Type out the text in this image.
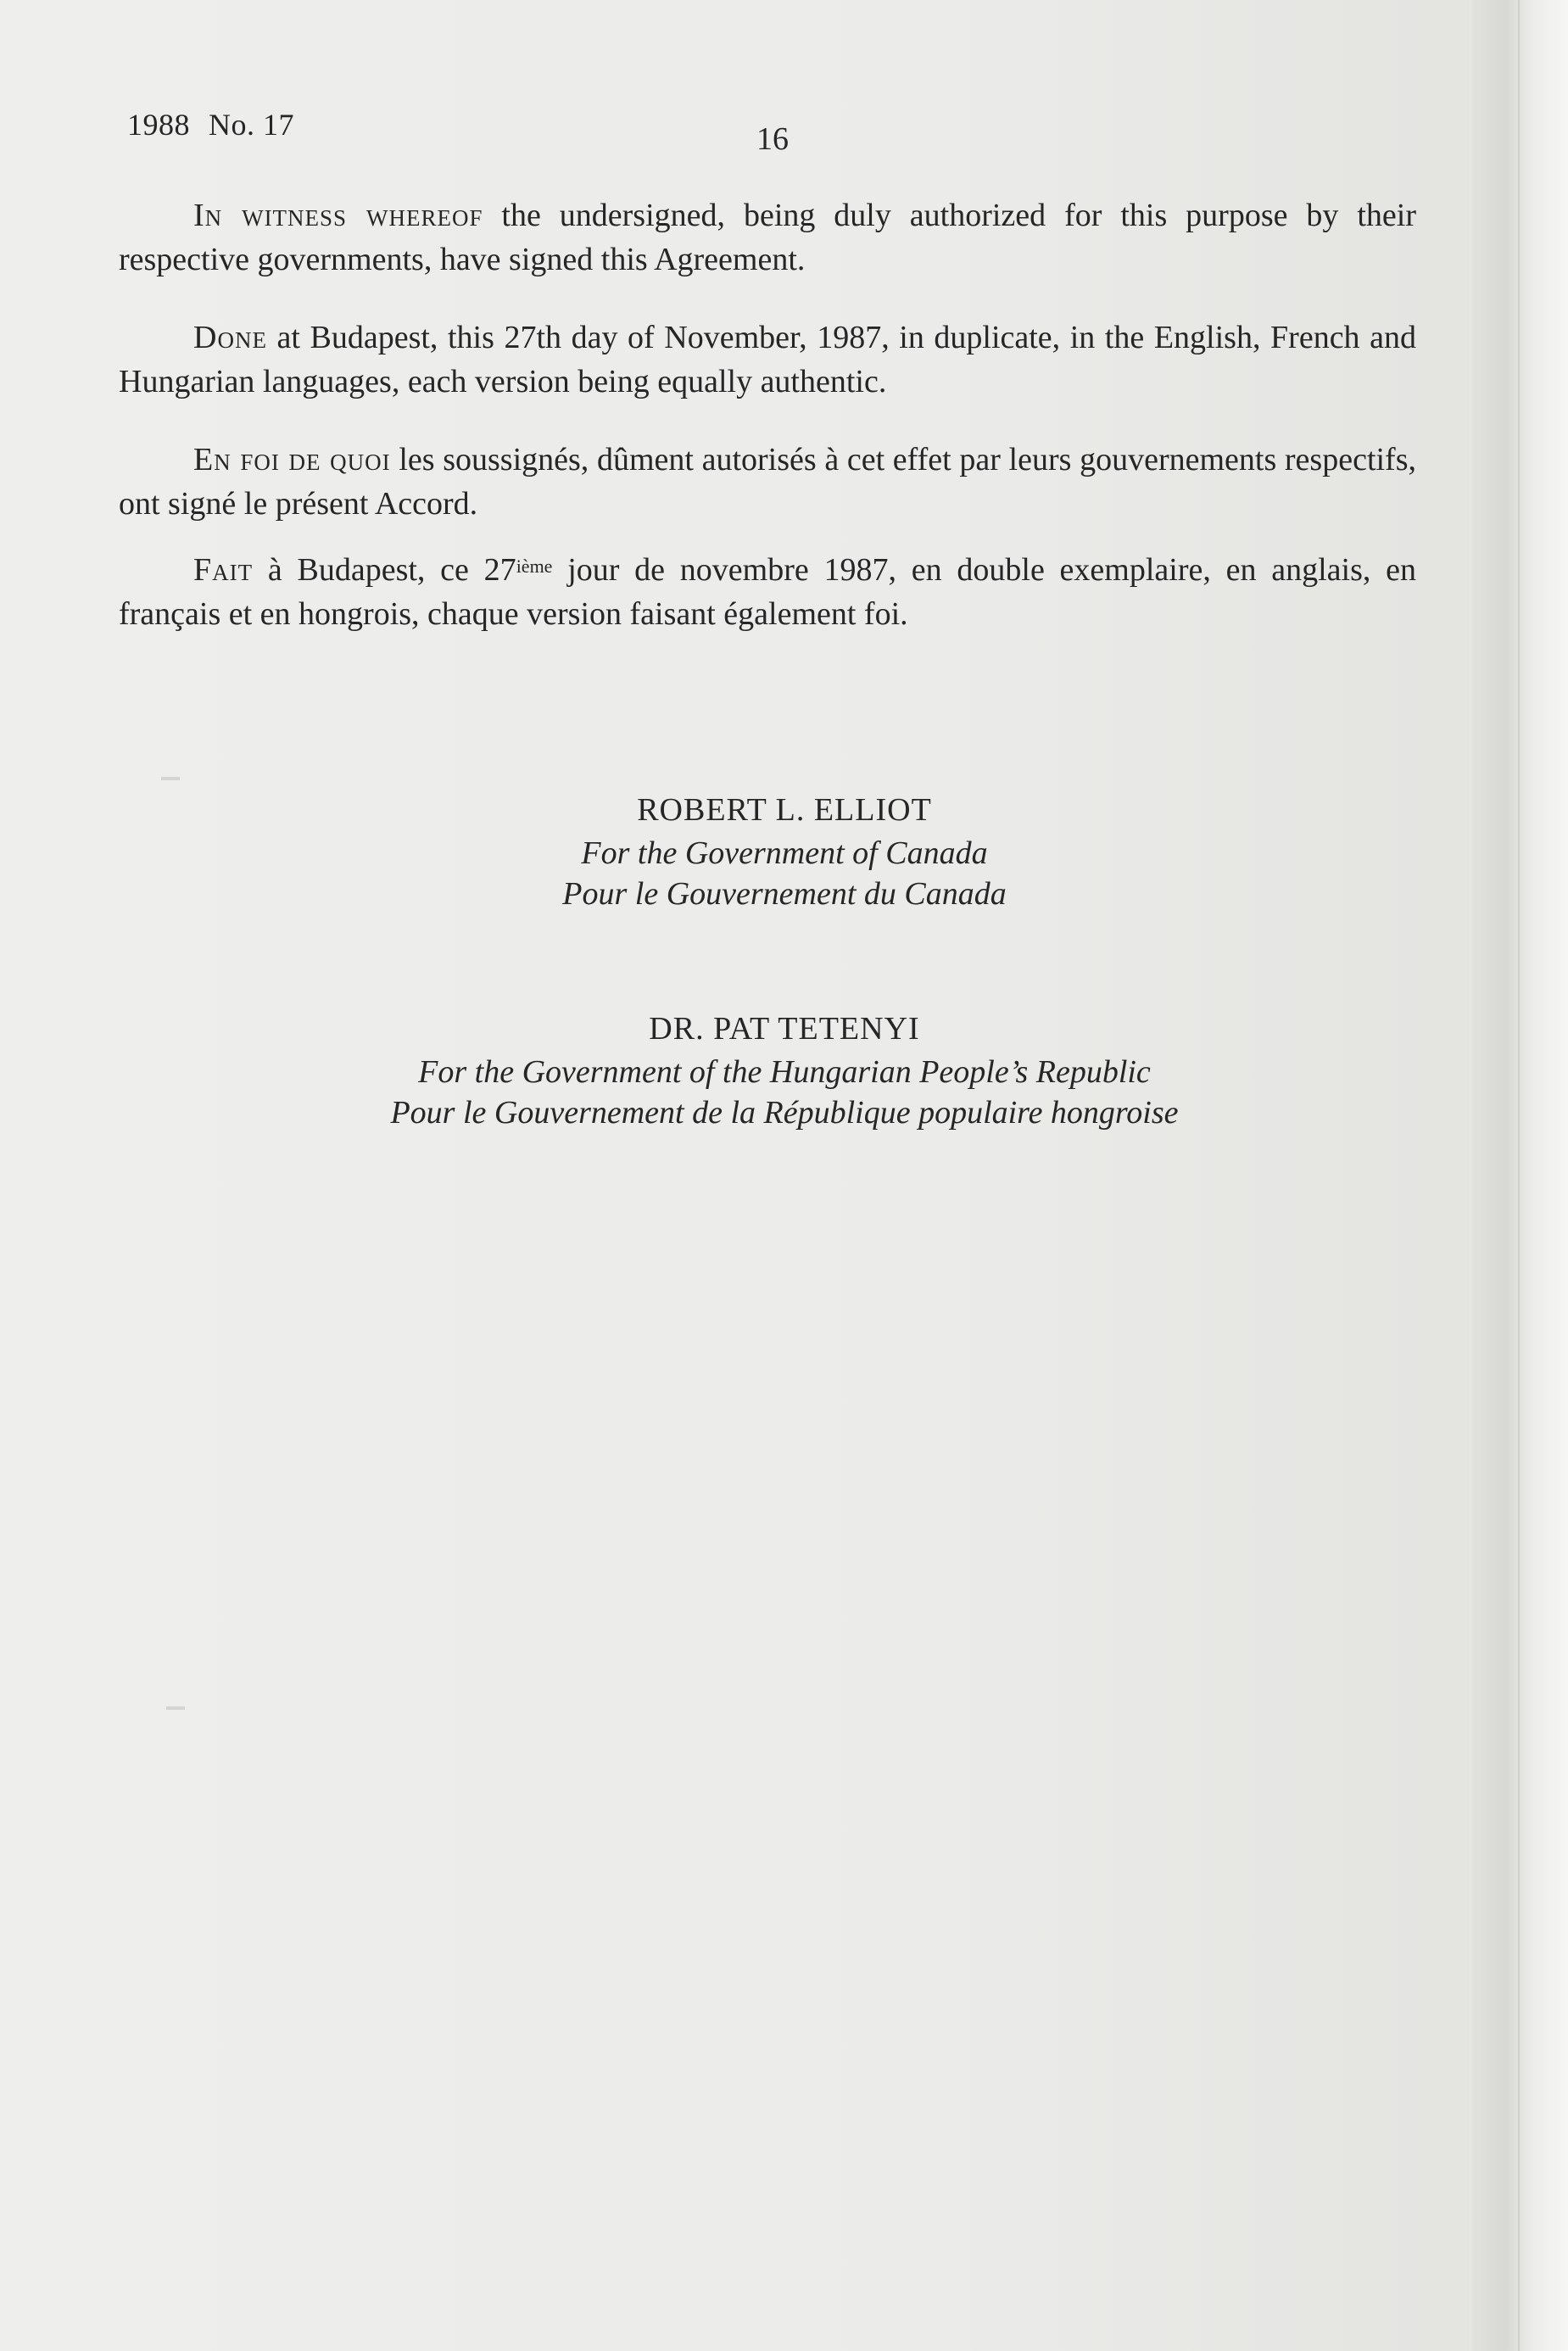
1988 No. 17	16

In witness whereof the undersigned, being duly authorized for this purpose by their respective governments, have signed this Agreement.

Done at Budapest, this 27th day of November, 1987, in duplicate, in the English, French and Hungarian languages, each version being equally authentic.

En foi de quoi les soussignés, dûment autorisés à cet effet par leurs gouvernements respectifs, ont signé le présent Accord.

Fait à Budapest, ce 27ième jour de novembre 1987, en double exemplaire, en anglais, en français et en hongrois, chaque version faisant également foi.

ROBERT L. ELLIOT
For the Government of Canada
Pour le Gouvernement du Canada
DR. PAT TETENYI
For the Government of the Hungarian People’s Republic
Pour le Gouvernement de la République populaire hongroise
